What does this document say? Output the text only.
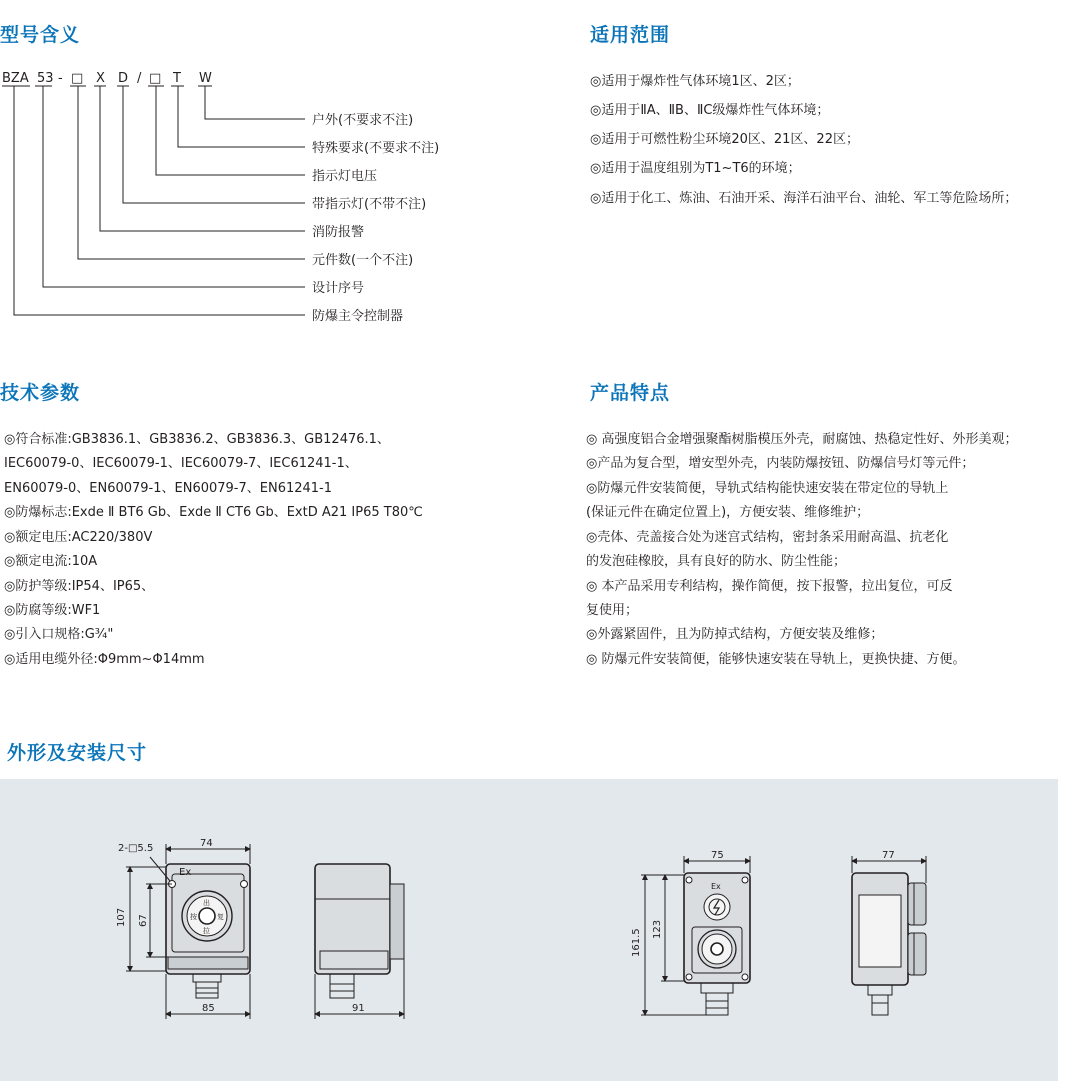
型号含义	适用范围
技术参数	产品特点
外形及安装尺寸
BZA 53 - □ X D / □ T W
户外(不要求不注)
特殊要求(不要求不注)
指示灯电压
带指示灯(不带不注)
消防报警
元件数(一个不注)
设计序号
防爆主令控制器
◎适用于爆炸性气体环境1区、2区；
◎适用于ⅡA、ⅡB、ⅡC级爆炸性气体环境；
◎适用于可燃性粉尘环境20区、21区、22区；
◎适用于温度组别为T1~T6的环境；
◎适用于化工、炼油、石油开采、海洋石油平台、油轮、军工等危险场所；
◎符合标准:GB3836.1、GB3836.2、GB3836.3、GB12476.1、
IEC60079-0、IEC60079-1、IEC60079-7、IEC61241-1、
EN60079-0、EN60079-1、EN60079-7、EN61241-1
◎防爆标志:Exde Ⅱ BT6 Gb、Exde Ⅱ CT6 Gb、ExtD A21 IP65 T80℃
◎额定电压:AC220/380V
◎额定电流:10A
◎防护等级:IP54、IP65、
◎防腐等级:WF1
◎引入口规格:G¾"
◎适用电缆外径:Φ9mm~Φ14mm
◎ 高强度铝合金增强聚酯树脂模压外壳，耐腐蚀、热稳定性好、外形美观；
◎产品为复合型，增安型外壳，内装防爆按钮、防爆信号灯等元件；
◎防爆元件安装简便，导轨式结构能快速安装在带定位的导轨上
(保证元件在确定位置上)，方便安装、维修维护；
◎壳体、壳盖接合处为迷宫式结构，密封条采用耐高温、抗老化
的发泡硅橡胶，具有良好的防水、防尘性能；
◎ 本产品采用专利结构，操作简便，按下报警，拉出复位，可反
复使用；
◎外露紧固件，且为防掉式结构，方便安装及维修；
◎ 防爆元件安装简便，能够快速安装在导轨上，更换快捷、方便。
2-□5.5
Ex
74
107 67
85
出
按	复
拉
91
75
161.5 123
Ex
77
